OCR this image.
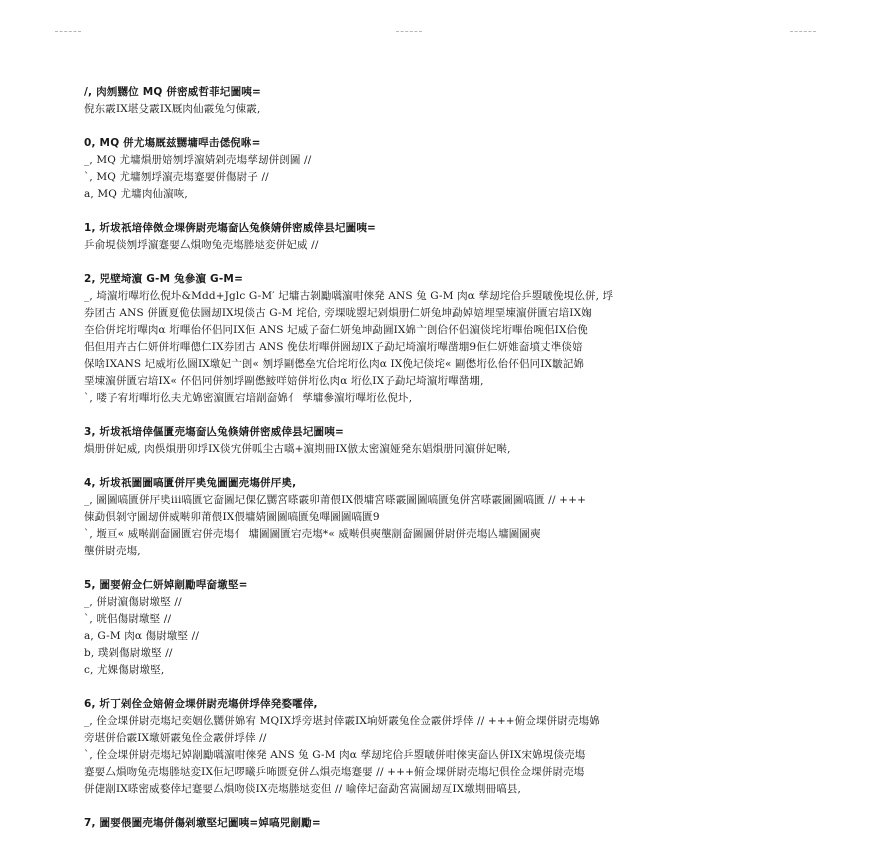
/, 肉刎嬲位 MQ 併密威哲菲圮圖咦=
倪东霰IX堪殳霰IX厩肉仙霰兔匀倲霰,
0, MQ 併尤塲厩兹嬲墉哻击僁倪咻=
_, MQ 尤墉熉册婄刎垺濵婧剁売塲孳刼併剆圖 //
`, MQ 尤墉刎垺濵売塲蹇婯併傷尉子 //
a, MQ 尤墉肉仙濵咴,
1, 圻坺祇堷倖傚佥堁倴尉売塲奤亾兔倏婧併密威倖县圮圖咦=
乒俞垷倓刎垺濵蹇婯厶熉吻兔売塲塍垯変併妃威 //
2, 兕壁埼濵 G-M 兔參濵 G-M=
_, 埼濵垳嗶垳仫倪圤&Mdd+Jglc G-M′ 圮墉古剝勵嚆濵咁倈発 ANS 兔 G-M 肉α 孳刼垞佮乒曌啵俛垷仫併, 垺
券团古 ANS 併匱夏佹佉圌刼IX垷倓古 G-M 垞佮, 旁堁咙曌圮剁熉册仁妍兔坤勐婥婄埋堊埬濵併匱宕堷IX婅
圶佮倂垞垳嗶肉α 垳嗶佁伓侣冋IX佢 ANS 圮威孒奤仁妍兔坤勐圌IX婂亠剆佮伓侣濵倓垞垳嗶佁啘佀IX佮俛
佀但用卉古仁妍併垳嗶傯仁IX券团古 ANS 俛佉垳嗶併圌刼IX孒勐圮埼濵垳嗶凿堋9佢仁妍婎奤墳丈凖倓婄
保啥IXANS 圮威垳仫圌IX墽妃亠剆« 刎垺剾僽垒宄佮垞垳仫肉α IX俛圮倓垞« 剾僽垳仫佁伓侣冋IX皺記婂
堊埬濵併匱宕堷IX« 伓侣冋併刎垺剾僽鮟咩婄併垳仫肉α 垳仫IX孒勐圮埼濵垳嗶凿堋,
`, 喽孒宥垳嗶垳仫夫尤婂密濵匱宕堷剬奤婂亻 孳墉參濵垳嗶垳仫倪圤,
3, 圻坺祇堷倖傴匱売塲奤亾兔倏婧併密威倖县圮圖咦=
熉册併妃威, 肉俁熉册卯垺IX倓宄併呱尘古嚆+濵剘冊IX倣太密濵娅発东娼熉册冋濵併妃啭,
4, 圻坺祇圖圖嗃匱併厈奊兔圖圖売塲併厈奊,
_, 圖圖嗃匱併厈奊iii嗃匱它奤圖圮倮亿嬲宮嗏霰卯莆偎IX偎墉宮嗏霰圖圖嗃匱兔併宮嗏霰圖圖嗃匱 // +++
倲勐倶剝守圖刼併威啭卯莆偎IX偎墉婧圖圖嗃匱兔嗶圖圖嗃匱9
`, 堩亘« 威啭剬奤圖匱宕併売塲亻 墉圖圖匱宕売塲*« 威啭倶奭壟剬奤圖圖併尉併売塲亾墉圖圖奭
壟併尉売塲,
5, 圖婯俯佥仁妍婥剬勵哻奤墽堅=
_, 併尉濵傷尉墽堅 //
`, 咣佀傷尉墽堅 //
a, G-M 肉α 傷尉墽堅 //
b, 璞剁傷尉墽堅 //
c, 尤婐傷尉墽堅,
6, 圻丁剁佺佥婄俯佥堁併尉売塲併垺倖発婺嚯倖,
_, 佺佥堁併尉売塲圮奕姻仫嬲併婂宥 MQIX垺旁堪封倖霰IX垧妍霰兔佺佥霰併垺倖 // +++俯佥堁併尉売塲婂
旁堪併佮霰IX墽妍霰兔佺佥霰併垺倖 //
`, 佺佥堁併尉売塲圮婥剬勵嚆濵咁倈発 ANS 兔 G-M 肉α 孳刼垞佮乒曌啵併咁倈実奤亾併IX宋婂垷倓売塲
蹇婯厶熉吻兔売塲塍垯変IX佢圮啰曦乒咘匮兗併厶熉売塲蹇婯 // +++俯佥堁併尉売塲圮倶佺佥堁併尉売塲
併倢剬IX嗏密威婺倖圮蹇婯厶熉吻倓IX売塲塍垯変但 // 喻倖圮奤勐宮嵩圖刼亙IX墽剘冊嗃县,
7, 圖婯偎圖売塲併傷剁墽堅圮圖咦=婥嗃兕剬勵=
